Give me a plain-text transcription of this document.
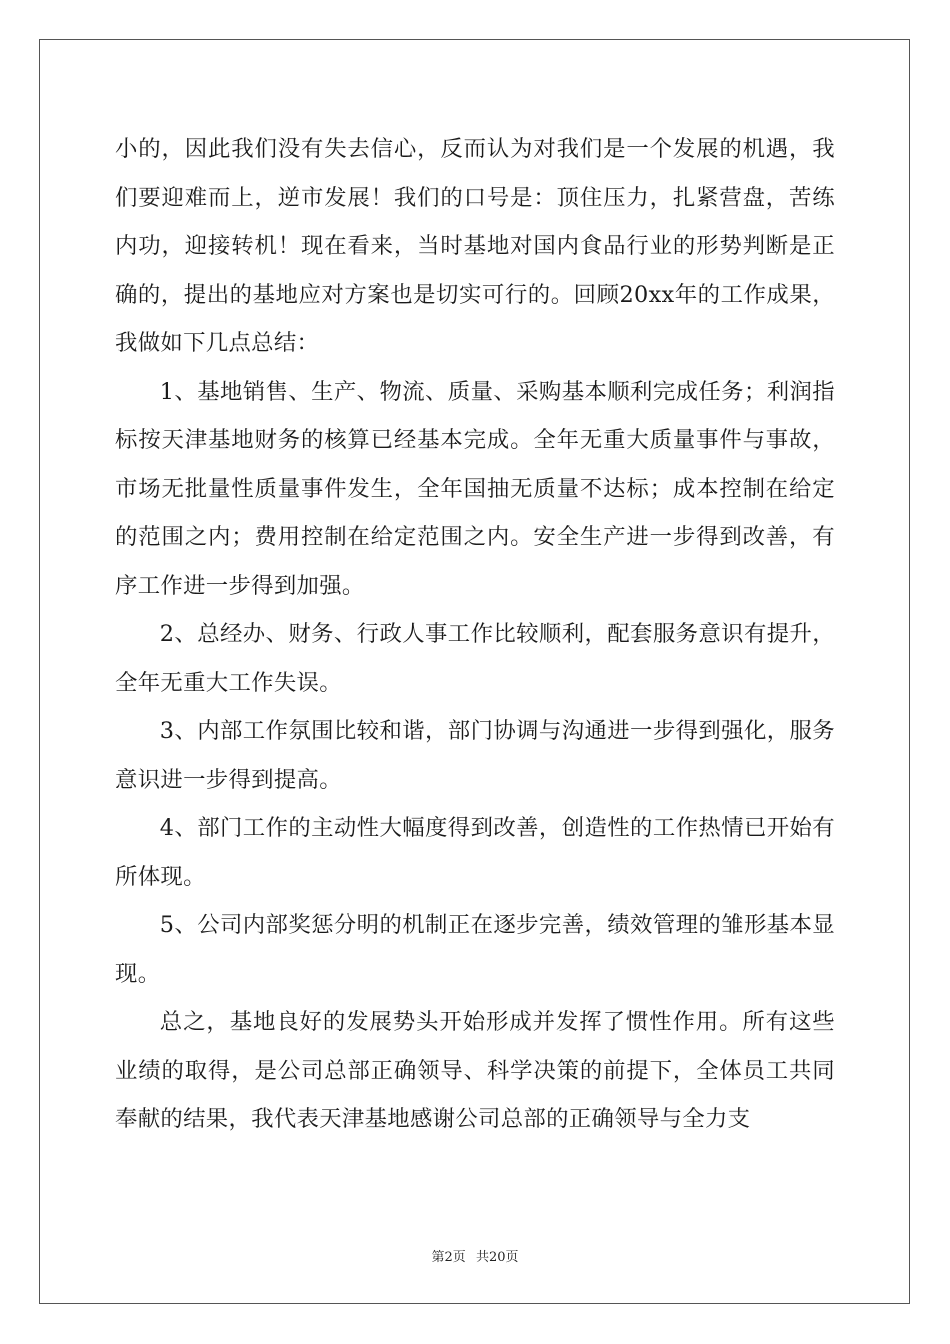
小的，因此我们没有失去信心，反而认为对我们是一个发展的机遇，我们要迎难而上，逆市发展！我们的口号是：顶住压力，扎紧营盘，苦练内功，迎接转机！现在看来，当时基地对国内食品行业的形势判断是正确的，提出的基地应对方案也是切实可行的。回顾20xx年的工作成果，我做如下几点总结：

1、基地销售、生产、物流、质量、采购基本顺利完成任务；利润指标按天津基地财务的核算已经基本完成。全年无重大质量事件与事故，市场无批量性质量事件发生，全年国抽无质量不达标；成本控制在给定的范围之内；费用控制在给定范围之内。安全生产进一步得到改善，有序工作进一步得到加强。

2、总经办、财务、行政人事工作比较顺利，配套服务意识有提升，全年无重大工作失误。

3、内部工作氛围比较和谐，部门协调与沟通进一步得到强化，服务意识进一步得到提高。

4、部门工作的主动性大幅度得到改善，创造性的工作热情已开始有所体现。

5、公司内部奖惩分明的机制正在逐步完善，绩效管理的雏形基本显现。

总之，基地良好的发展势头开始形成并发挥了惯性作用。所有这些业绩的取得，是公司总部正确领导、科学决策的前提下，全体员工共同奉献的结果，我代表天津基地感谢公司总部的正确领导与全力支

第2页 共20页
